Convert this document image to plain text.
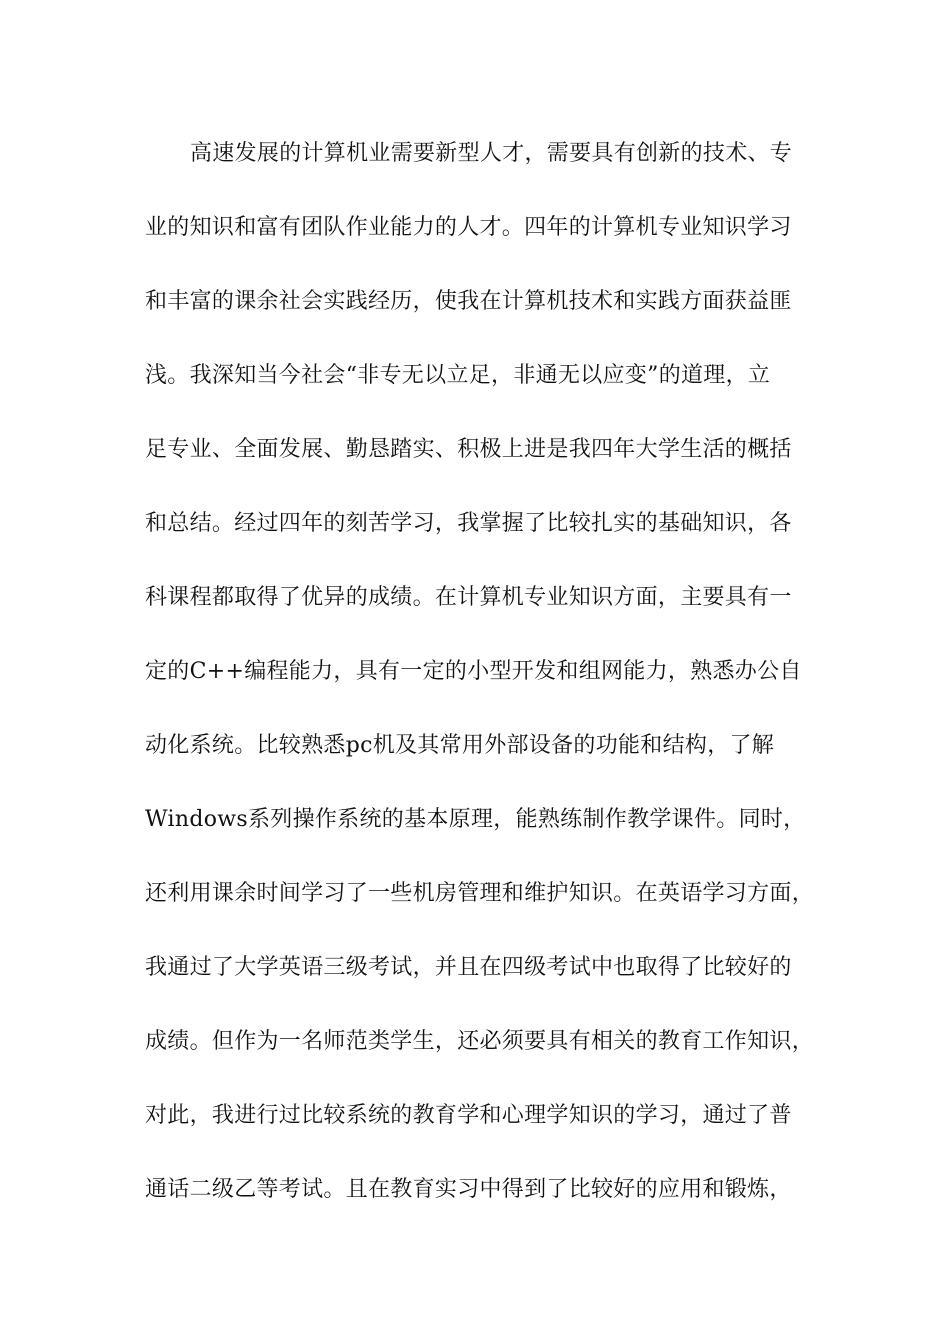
高速发展的计算机业需要新型人才，需要具有创新的技术、专
业的知识和富有团队作业能力的人才。四年的计算机专业知识学习
和丰富的课余社会实践经历，使我在计算机技术和实践方面获益匪
浅。我深知当今社会“非专无以立足，非通无以应变”的道理，立
足专业、全面发展、勤恳踏实、积极上进是我四年大学生活的概括
和总结。经过四年的刻苦学习，我掌握了比较扎实的基础知识，各
科课程都取得了优异的成绩。在计算机专业知识方面，主要具有一
定的C++编程能力，具有一定的小型开发和组网能力，熟悉办公自
动化系统。比较熟悉pc机及其常用外部设备的功能和结构，了解
Windows系列操作系统的基本原理，能熟练制作教学课件。同时，
还利用课余时间学习了一些机房管理和维护知识。在英语学习方面，
我通过了大学英语三级考试，并且在四级考试中也取得了比较好的
成绩。但作为一名师范类学生，还必须要具有相关的教育工作知识，
对此，我进行过比较系统的教育学和心理学知识的学习，通过了普
通话二级乙等考试。且在教育实习中得到了比较好的应用和锻炼，
